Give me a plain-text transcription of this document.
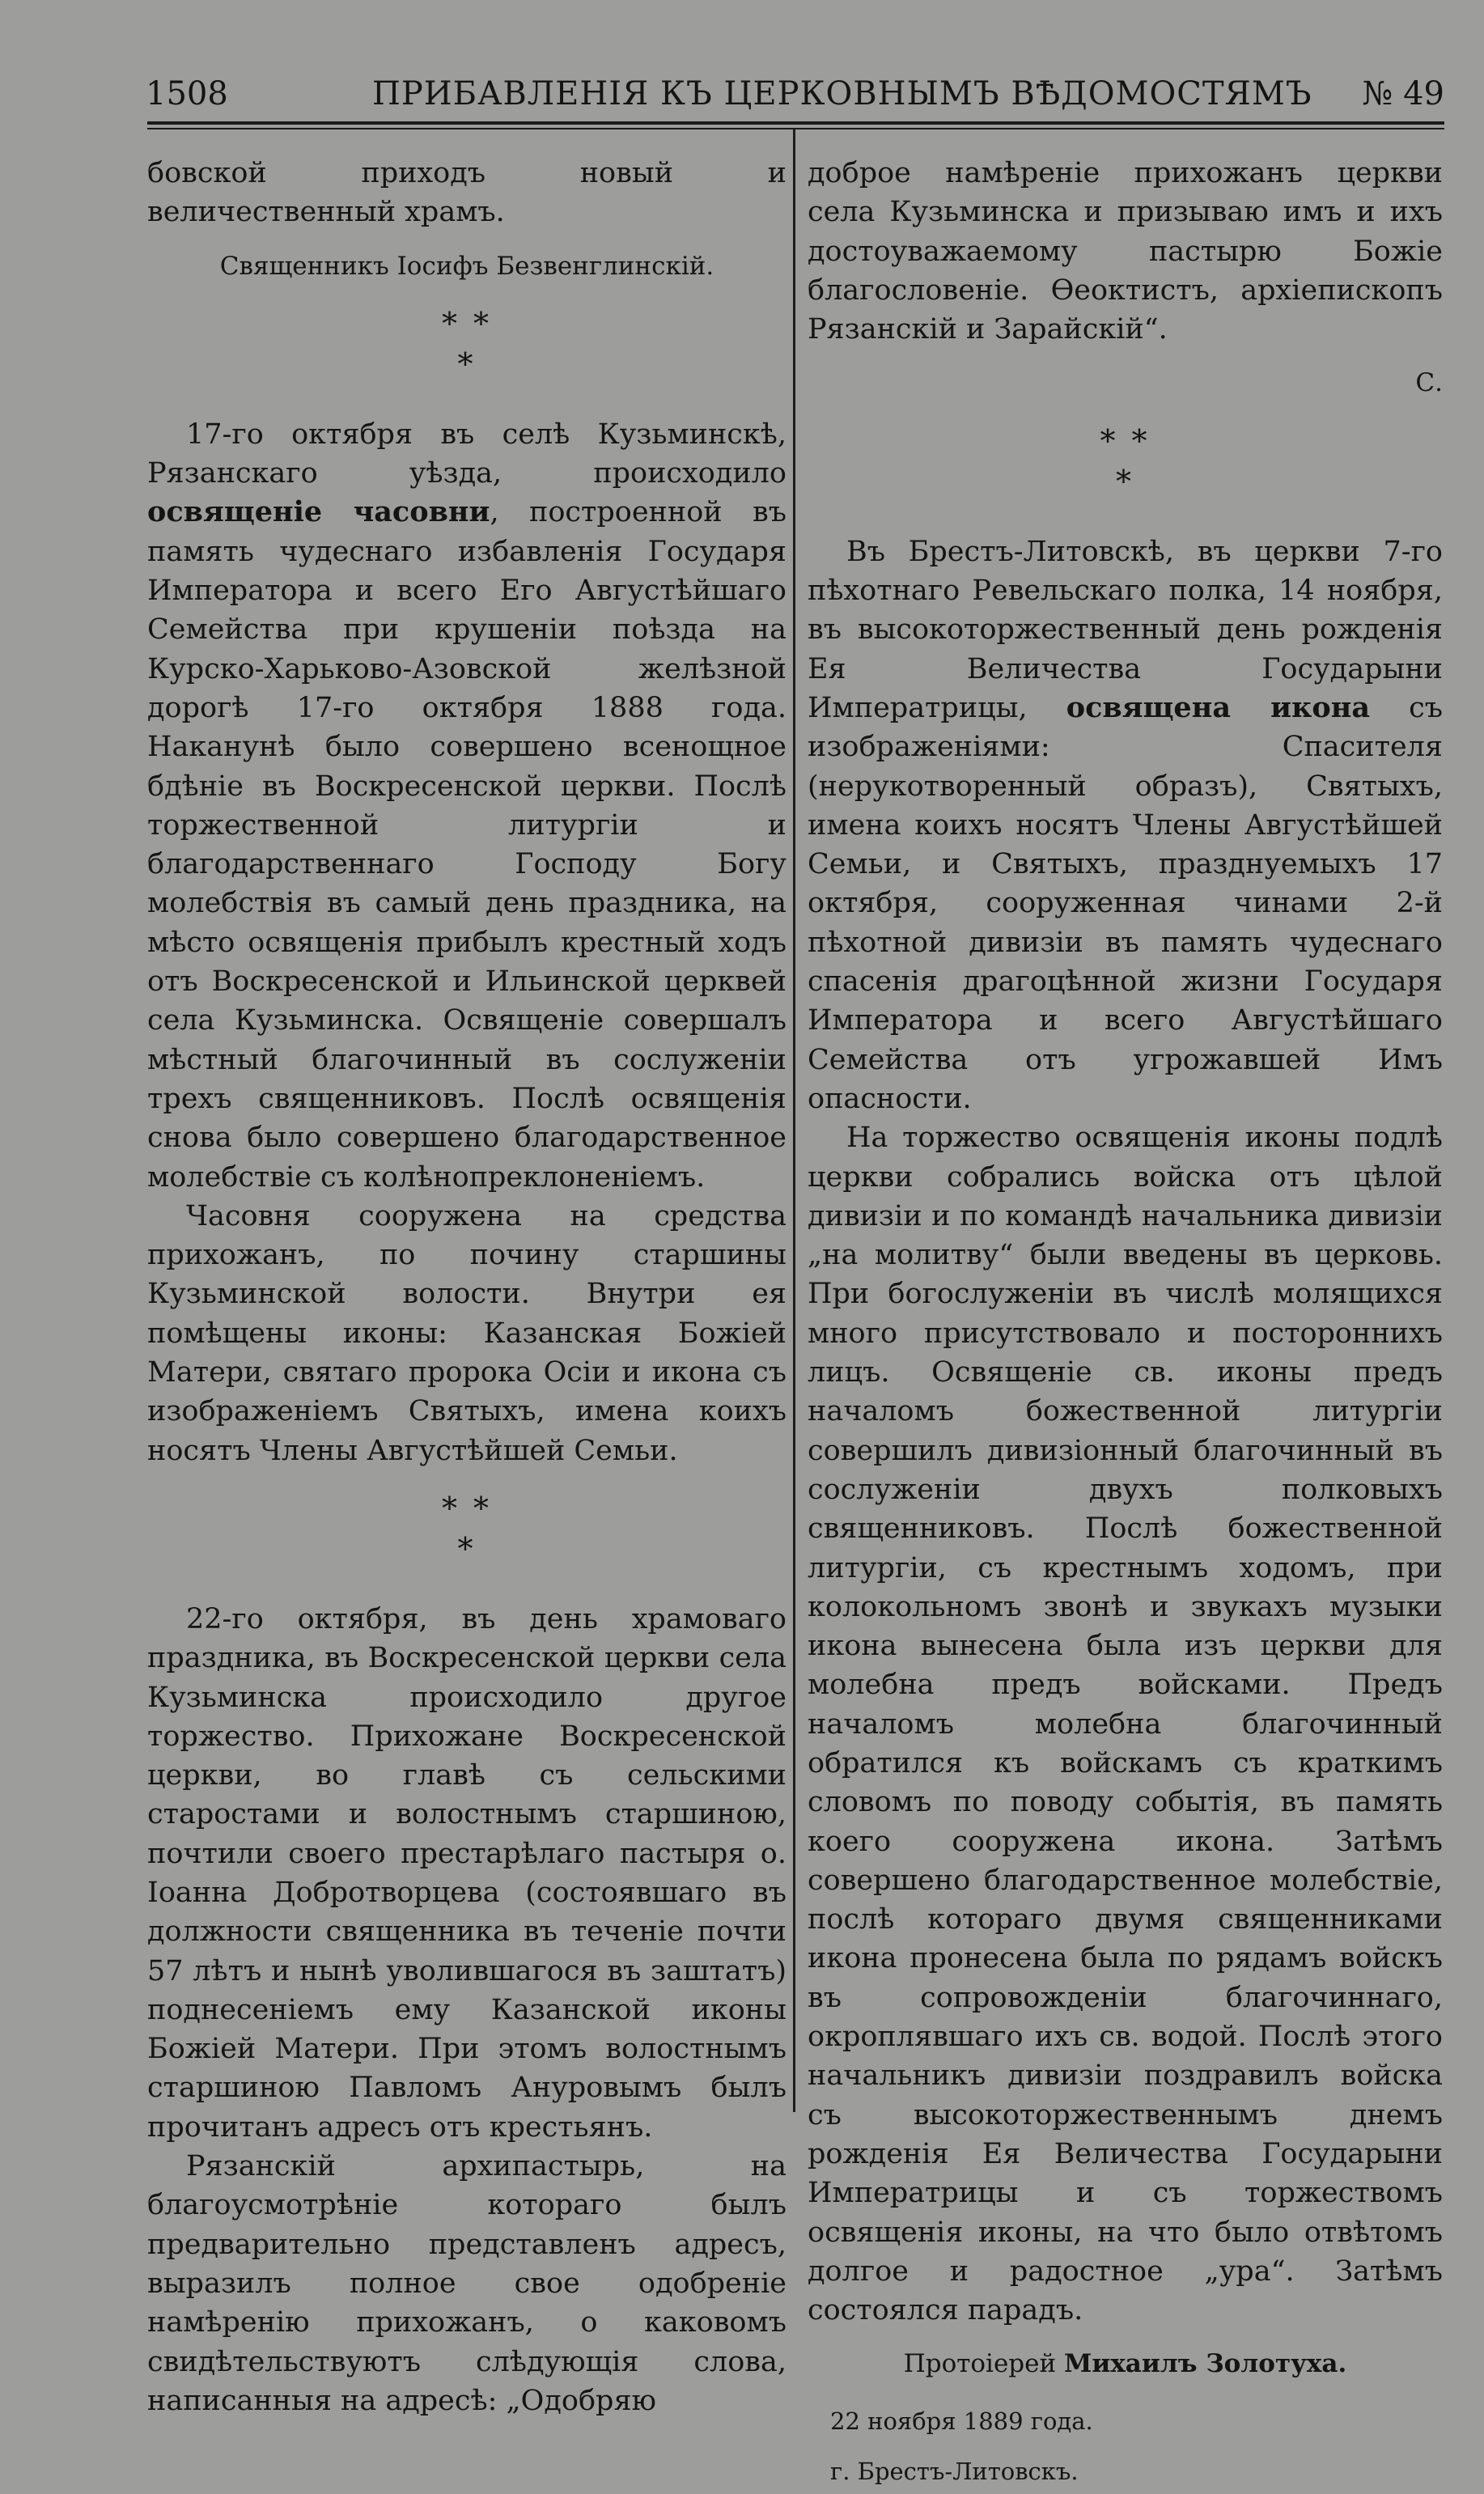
1508	ПРИБАВЛЕНІЯ КЪ ЦЕРКОВНЫМЪ ВѢДОМОСТЯМЪ № 49

бовской приходъ новый и величественный храмъ.

Священникъ Іосифъ Безвенглинскій.
* *
*

17-го октября въ селѣ Кузьминскѣ, Рязанскаго уѣзда, происходило освященіе часовни, построенной въ память чудеснаго избавленія Государя Императора и всего Его Августѣйшаго Семейства при крушеніи поѣзда на Курско-Харьково-Азовской желѣзной дорогѣ 17-го октября 1888 года. Наканунѣ было совершено всенощное бдѣніе въ Воскресенской церкви. Послѣ торжественной литургіи и благодарственнаго Господу Богу молебствія въ самый день праздника, на мѣсто освященія прибылъ крестный ходъ отъ Воскресенской и Ильинской церквей села Кузьминска. Освященіе совершалъ мѣстный благочинный въ сослуженіи трехъ священниковъ. Послѣ освященія снова было совершено благодарственное молебствіе съ колѣнопреклоненіемъ.

Часовня сооружена на средства прихожанъ, по почину старшины Кузьминской волости. Внутри ея помѣщены иконы: Казанская Божіей Матери, святаго пророка Осіи и икона съ изображеніемъ Святыхъ, имена коихъ носятъ Члены Августѣйшей Семьи.

* *
*

22-го октября, въ день храмоваго праздника, въ Воскресенской церкви села Кузьминска происходило другое торжество. Прихожане Воскресенской церкви, во главѣ съ сельскими старостами и волостнымъ старшиною, почтили своего престарѣлаго пастыря о. Іоанна Добротворцева (состоявшаго въ должности священника въ теченіе почти 57 лѣтъ и нынѣ уволившагося въ заштатъ) поднесеніемъ ему Казанской иконы Божіей Матери. При этомъ волостнымъ старшиною Павломъ Ануровымъ былъ прочитанъ адресъ отъ крестьянъ.

Рязанскій архипастырь, на благоусмотрѣніе котораго былъ предварительно представленъ адресъ, выразилъ полное свое одобреніе намѣренію прихожанъ, о каковомъ свидѣтельствуютъ слѣдующія слова, написанныя на адресѣ: „Одобряю

доброе намѣреніе прихожанъ церкви села Кузьминска и призываю имъ и ихъ достоуважаемому пастырю Божіе благословеніе. Ѳеоктистъ, архіепископъ Рязанскій и Зарайскій“.

С.
* *
*

Въ Брестъ-Литовскѣ, въ церкви 7-го пѣхотнаго Ревельскаго полка, 14 ноября, въ высокоторжественный день рожденія Ея Величества Государыни Императрицы, освящена икона съ изображеніями: Спасителя (нерукотворенный образъ), Святыхъ, имена коихъ носятъ Члены Августѣйшей Семьи, и Святыхъ, празднуемыхъ 17 октября, сооруженная чинами 2-й пѣхотной дивизіи въ память чудеснаго спасенія драгоцѣнной жизни Государя Императора и всего Августѣйшаго Семейства отъ угрожавшей Имъ опасности.

На торжество освященія иконы подлѣ церкви собрались войска отъ цѣлой дивизіи и по командѣ начальника дивизіи „на молитву“ были введены въ церковь. При богослуженіи въ числѣ молящихся много присутствовало и постороннихъ лицъ. Освященіе св. иконы предъ началомъ божественной литургіи совершилъ дивизіонный благочинный въ сослуженіи двухъ полковыхъ священниковъ. Послѣ божественной литургіи, съ крестнымъ ходомъ, при колокольномъ звонѣ и звукахъ музыки икона вынесена была изъ церкви для молебна предъ войсками. Предъ началомъ молебна благочинный обратился къ войскамъ съ краткимъ словомъ по поводу событія, въ память коего сооружена икона. Затѣмъ совершено благодарственное молебствіе, послѣ котораго двумя священниками икона пронесена была по рядамъ войскъ въ сопровожденіи благочиннаго, окроплявшаго ихъ св. водой. Послѣ этого начальникъ дивизіи поздравилъ войска съ высокоторжественнымъ днемъ рожденія Ея Величества Государыни Императрицы и съ торжествомъ освященія иконы, на что было отвѣтомъ долгое и радостное „ура“. Затѣмъ состоялся парадъ.

Протоіерей Михаилъ Золотуха.
22 ноября 1889 года.
г. Брестъ-Литовскъ.
